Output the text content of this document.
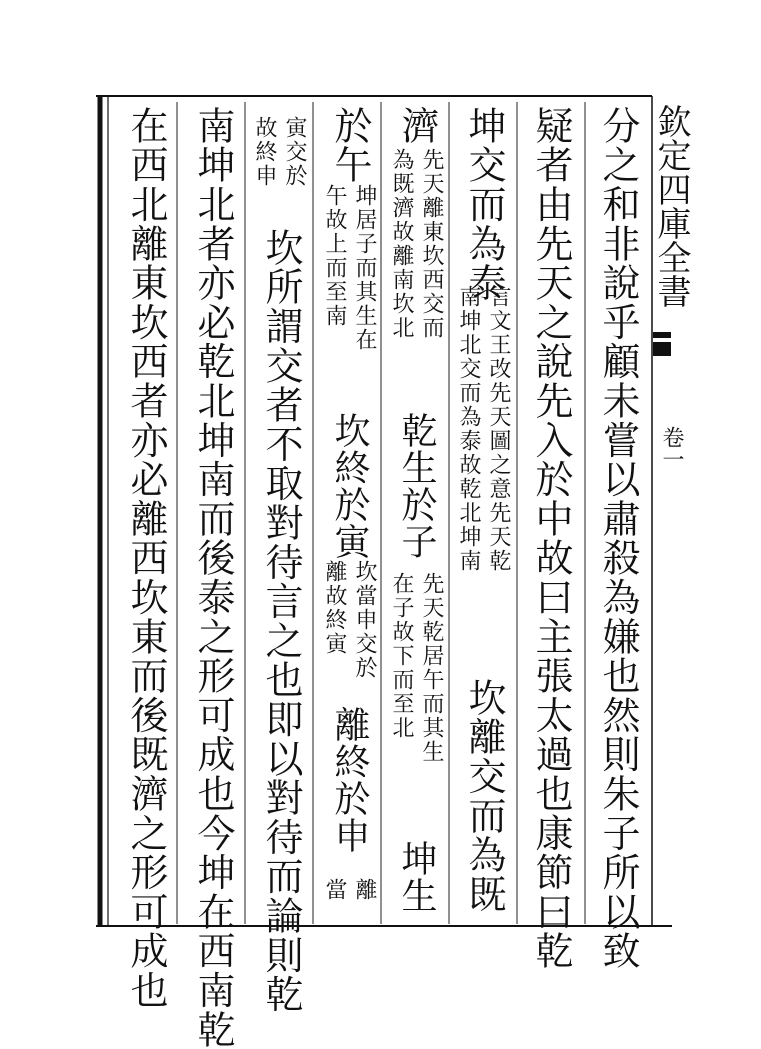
欽定四庫全書
卷一
分之和非說乎顧未嘗以肅殺為嫌也然則朱子所以致
疑者由先天之說先入於中故曰主張太過也康節曰乾
坤交而為泰
言文王改先天圖之意先天乾
南坤北交而為泰故乾北坤南
坎離交而為既
濟
先天離東坎西交而
為既濟故離南坎北
乾生於子
先天乾居午而其生
在子故下而至北
坤生
於午
坤居子而其生在
午故上而至南
坎終於寅
坎當申交於
離故終寅
離終於申
離
當
寅交於
故終申
坎所謂交者不取對待言之也即以對待而論則乾
南坤北者亦必乾北坤南而後泰之形可成也今坤在西南乾
在西北離東坎西者亦必離西坎東而後既濟之形可成也
